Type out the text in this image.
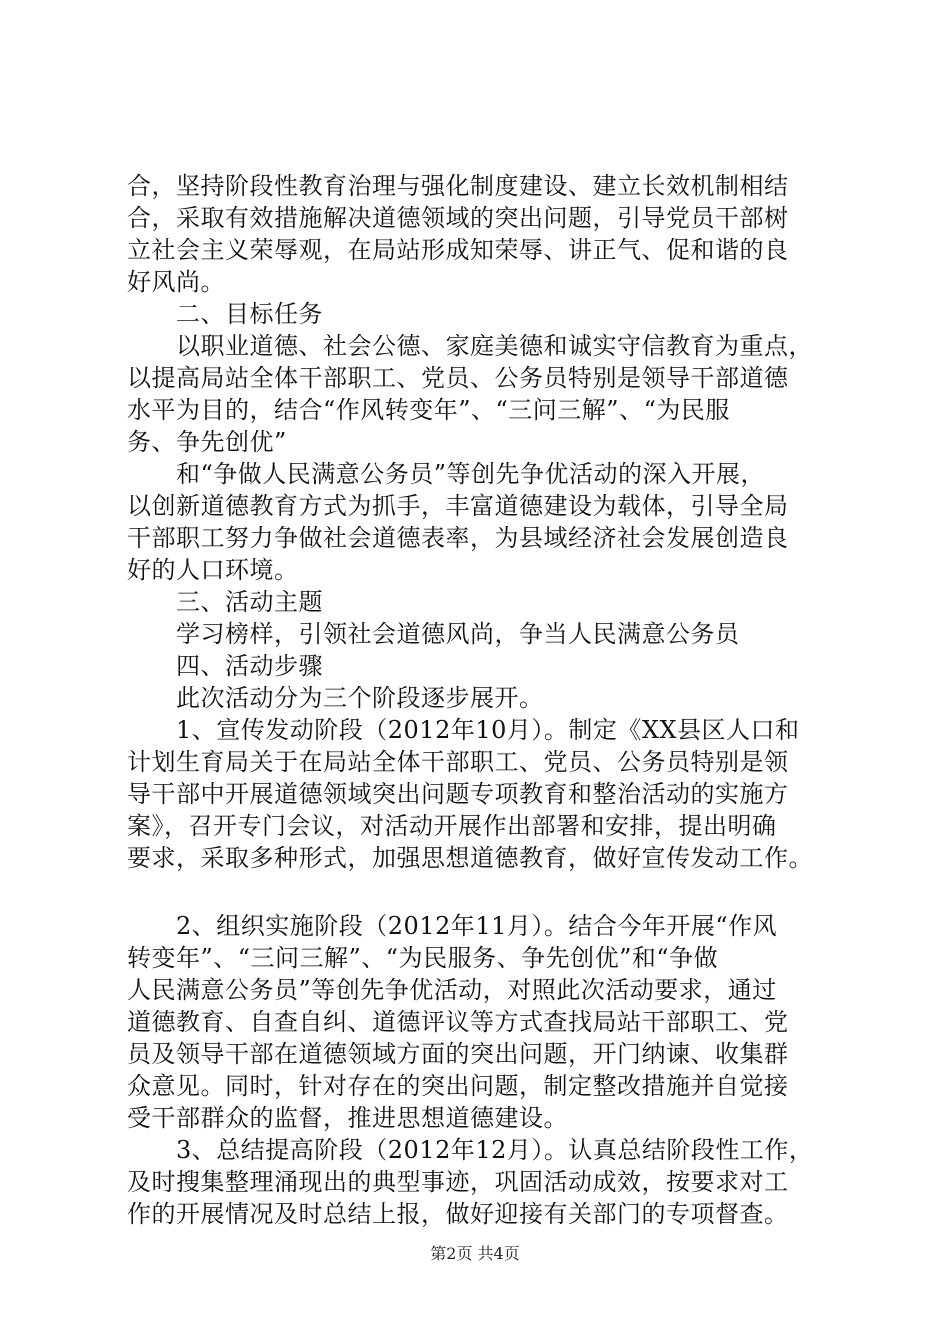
合，坚持阶段性教育治理与强化制度建设、建立长效机制相结
合，采取有效措施解决道德领域的突出问题，引导党员干部树
立社会主义荣辱观，在局站形成知荣辱、讲正气、促和谐的良
好风尚。
　　二、目标任务
　　以职业道德、社会公德、家庭美德和诚实守信教育为重点，
以提高局站全体干部职工、党员、公务员特别是领导干部道德
水平为目的，结合“作风转变年”、“三问三解”、“为民服
务、争先创优”
　　和“争做人民满意公务员”等创先争优活动的深入开展，
以创新道德教育方式为抓手，丰富道德建设为载体，引导全局
干部职工努力争做社会道德表率，为县域经济社会发展创造良
好的人口环境。
　　三、活动主题
　　学习榜样，引领社会道德风尚，争当人民满意公务员
　　四、活动步骤
　　此次活动分为三个阶段逐步展开。
　　1、宣传发动阶段（2012年10月）。制定《XX县区人口和
计划生育局关于在局站全体干部职工、党员、公务员特别是领
导干部中开展道德领域突出问题专项教育和整治活动的实施方
案》，召开专门会议，对活动开展作出部署和安排，提出明确
要求，采取多种形式，加强思想道德教育，做好宣传发动工作。
　　2、组织实施阶段（2012年11月）。结合今年开展“作风
转变年”、“三问三解”、“为民服务、争先创优”和“争做
人民满意公务员”等创先争优活动，对照此次活动要求，通过
道德教育、自查自纠、道德评议等方式查找局站干部职工、党
员及领导干部在道德领域方面的突出问题，开门纳谏、收集群
众意见。同时，针对存在的突出问题，制定整改措施并自觉接
受干部群众的监督，推进思想道德建设。
　　3、总结提高阶段（2012年12月）。认真总结阶段性工作，
及时搜集整理涌现出的典型事迹，巩固活动成效，按要求对工
作的开展情况及时总结上报，做好迎接有关部门的专项督查。
第2页 共4页
